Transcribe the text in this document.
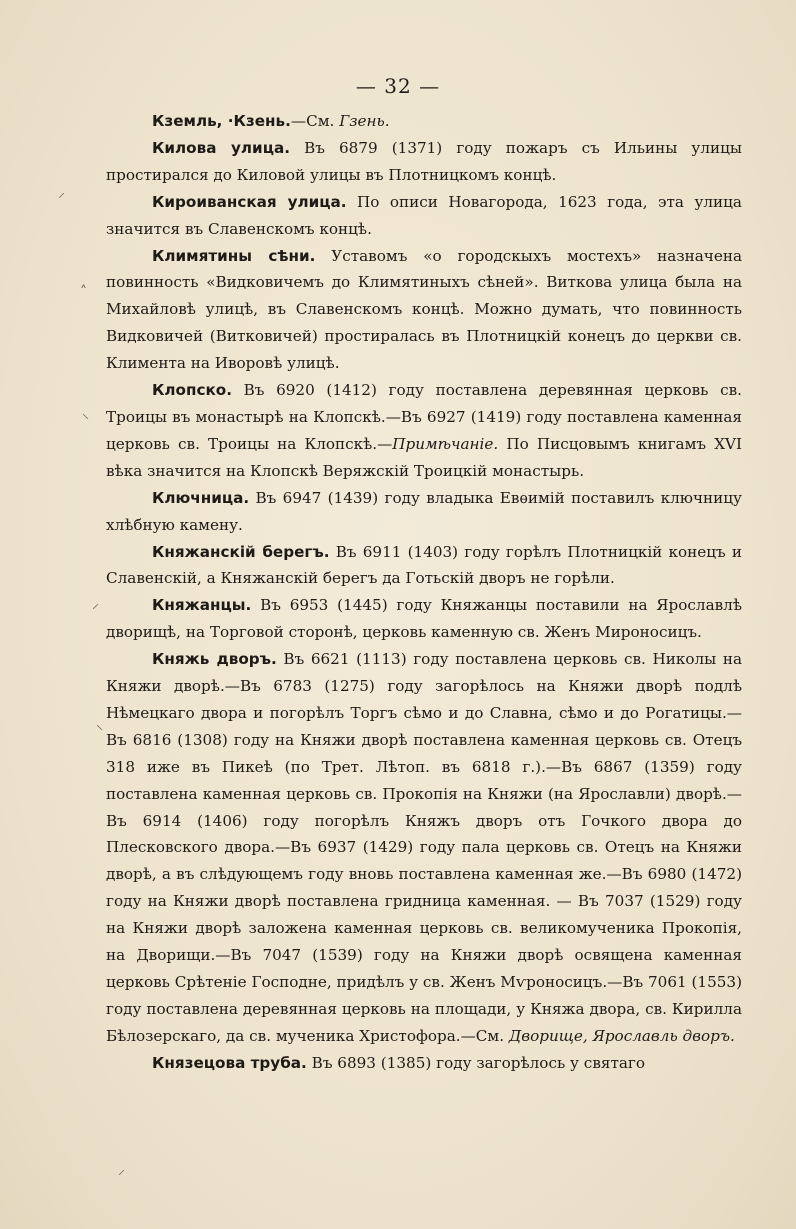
— 32 —
⸝
˄
⸜
⸝
⸜
⸝

Кземль, ·Кзень.—См. Гзень.

Килова улица. Въ 6879 (1371) году пожаръ съ Ильины улицы простирался до Киловой улицы въ Плотницкомъ концѣ.

Кироиванская улица. По описи Новагорода, 1623 года, эта улица значится въ Славенскомъ концѣ.

Климятины сѣни. Уставомъ «о городскыхъ мостехъ» назначена повинность «Видковичемъ до Климятиныхъ сѣней». Виткова улица была на Михайловѣ улицѣ, въ Славенскомъ концѣ. Можно думать, что повинность Видковичей (Витковичей) простиралась въ Плотницкій конецъ до церкви св. Климента на Иворовѣ улицѣ.

Клопско. Въ 6920 (1412) году поставлена деревянная церковь св. Троицы въ монастырѣ на Клопскѣ.—Въ 6927 (1419) году поставлена каменная церковь св. Троицы на Клопскѣ.—Примѣчаніе. По Писцовымъ книгамъ XVI вѣка значится на Клопскѣ Веряжскій Троицкій монастырь.

Ключница. Въ 6947 (1439) году владыка Евѳимій поставилъ ключницу хлѣбную камену.

Княжанскій берегъ. Въ 6911 (1403) году горѣлъ Плотницкій конецъ и Славенскій, а Княжанскій берегъ да Готьскій дворъ не горѣли.

Княжанцы. Въ 6953 (1445) году Княжанцы поставили на Ярославлѣ дворищѣ, на Торговой сторонѣ, церковь каменную св. Женъ Мироносицъ.

Княжь дворъ. Въ 6621 (1113) году поставлена церковь св. Николы на Княжи дворѣ.—Въ 6783 (1275) году загорѣлось на Княжи дворѣ подлѣ Нѣмецкаго двора и погорѣлъ Торгъ сѣмо и до Славна, сѣмо и до Рогатицы.—Въ 6816 (1308) году на Княжи дворѣ поставлена каменная церковь св. Отецъ 318 иже въ Пикеѣ (по Трет. Лѣтоп. въ 6818 г.).—Въ 6867 (1359) году поставлена каменная церковь св. Прокопія на Княжи (на Ярославли) дворѣ.—Въ 6914 (1406) году погорѣлъ Княжъ дворъ отъ Гочкого двора до Плесковского двора.—Въ 6937 (1429) году пала церковь св. Отецъ на Княжи дворѣ, а въ слѣдующемъ году вновь поставлена каменная же.—Въ 6980 (1472) году на Княжи дворѣ поставлена гридница каменная. — Въ 7037 (1529) году на Княжи дворѣ заложена каменная церковь св. великомученика Прокопія, на Дворищи.—Въ 7047 (1539) году на Княжи дворѣ освящена каменная церковь Срѣтеніе Господне, придѣлъ у св. Женъ Мѵроносицъ.—Въ 7061 (1553) году поставлена деревянная церковь на площади, у Княжа двора, св. Кирилла Бѣлозерскаго, да св. мученика Христофора.—См. Дворище, Ярославль дворъ.

Князецова труба. Въ 6893 (1385) году загорѣлось у святаго
